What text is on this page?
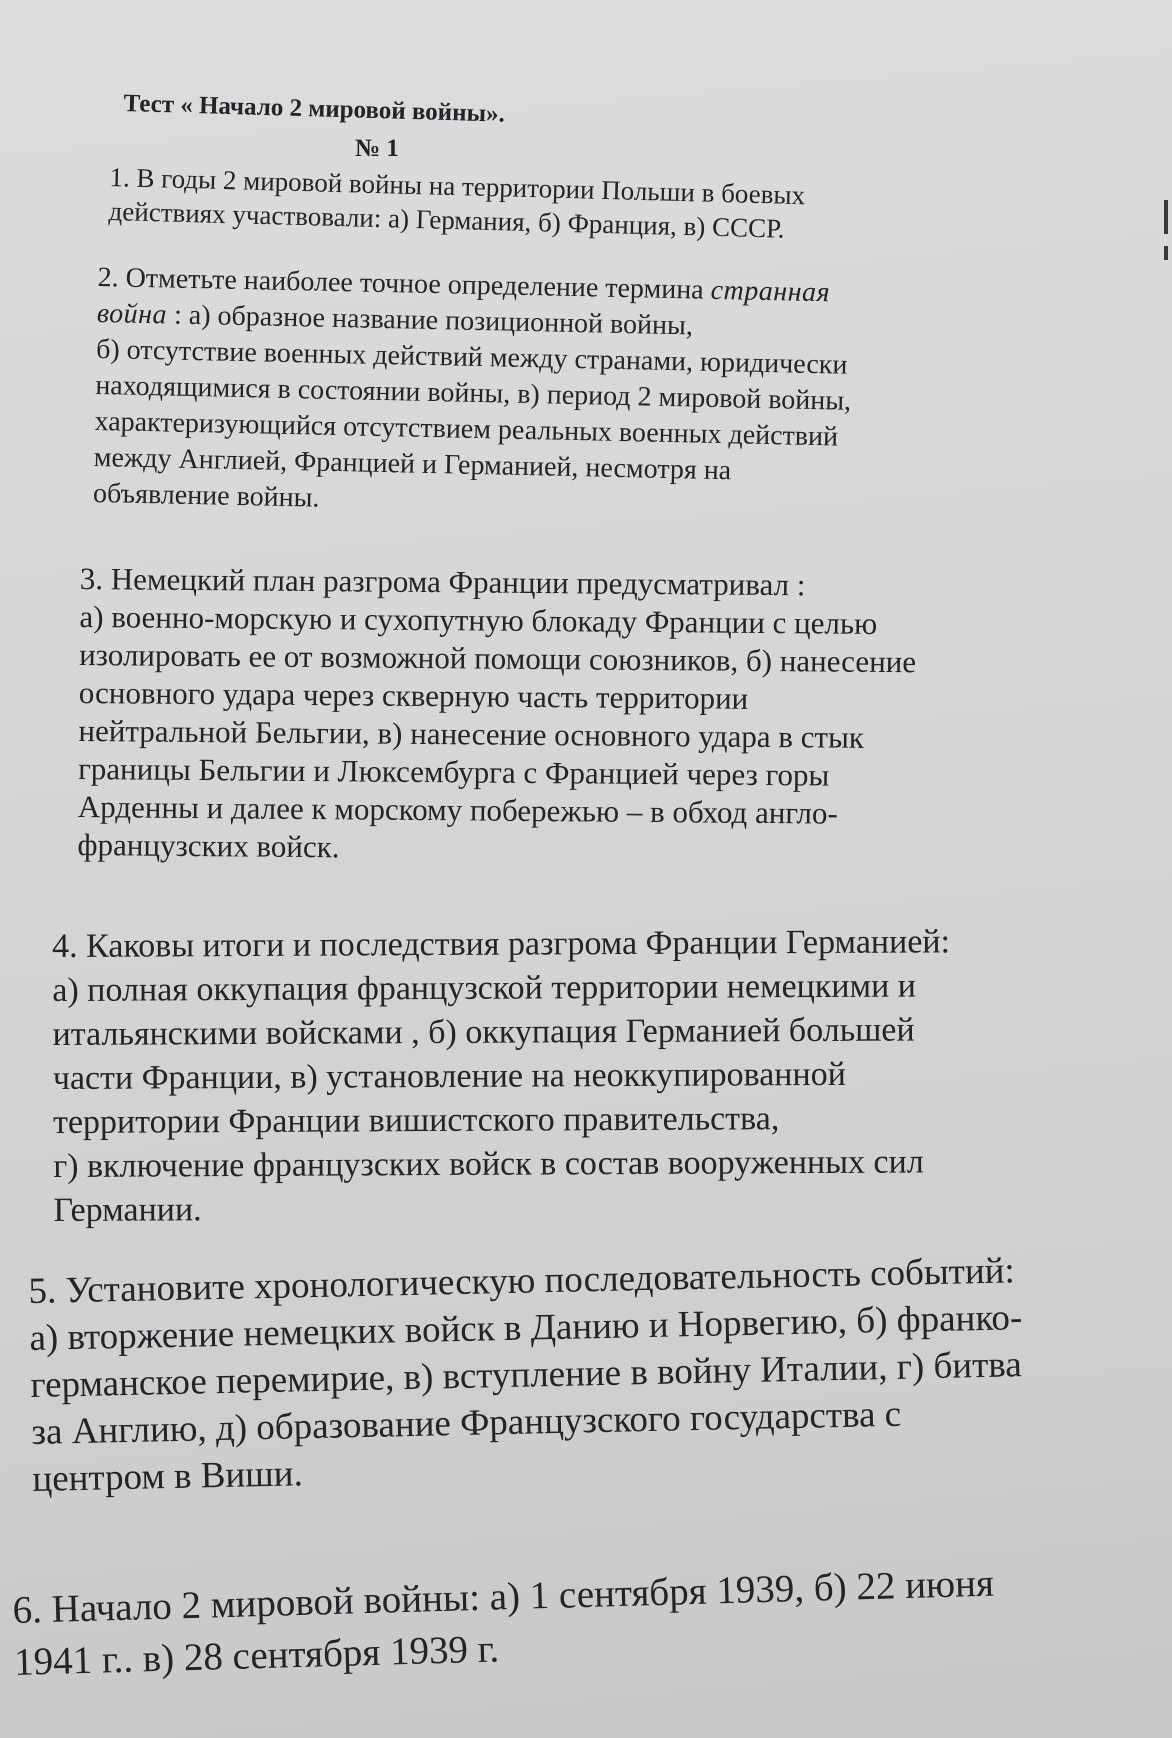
Тест « Начало 2 мировой войны».
№ 1

1. В годы 2 мировой войны на территории Польши в боевых

действиях участвовали: а) Германия, б) Франция, в) СССР.

2. Отметьте наиболее точное определение термина странная

война : а) образное название позиционной войны,

б) отсутствие военных действий между странами, юридически

находящимися в состоянии войны, в) период 2 мировой войны,

характеризующийся отсутствием реальных военных действий

между Англией, Францией и Германией, несмотря на

объявление войны.

3. Немецкий план разгрома Франции предусматривал :

а) военно-морскую и сухопутную блокаду Франции с целью

изолировать ее от возможной помощи союзников, б) нанесение

основного удара через скверную часть территории

нейтральной Бельгии, в) нанесение основного удара в стык

границы Бельгии и Люксембурга с Францией через горы

Арденны и далее к морскому побережью – в обход англо-

французских войск.

4. Каковы итоги и последствия разгрома Франции Германией:

а) полная оккупация французской территории немецкими и

итальянскими войсками , б) оккупация Германией большей

части Франции, в) установление на неоккупированной

территории Франции вишистского правительства,

г) включение французских войск в состав вооруженных сил

Германии.

5. Установите хронологическую последовательность событий:

а) вторжение немецких войск в Данию и Норвегию, б) франко-

германское перемирие, в) вступление в войну Италии, г) битва

за Англию, д) образование Французского государства с

центром в Виши.

6. Начало 2 мировой войны: а) 1 сентября 1939, б) 22 июня

1941 г.. в) 28 сентября 1939 г.
